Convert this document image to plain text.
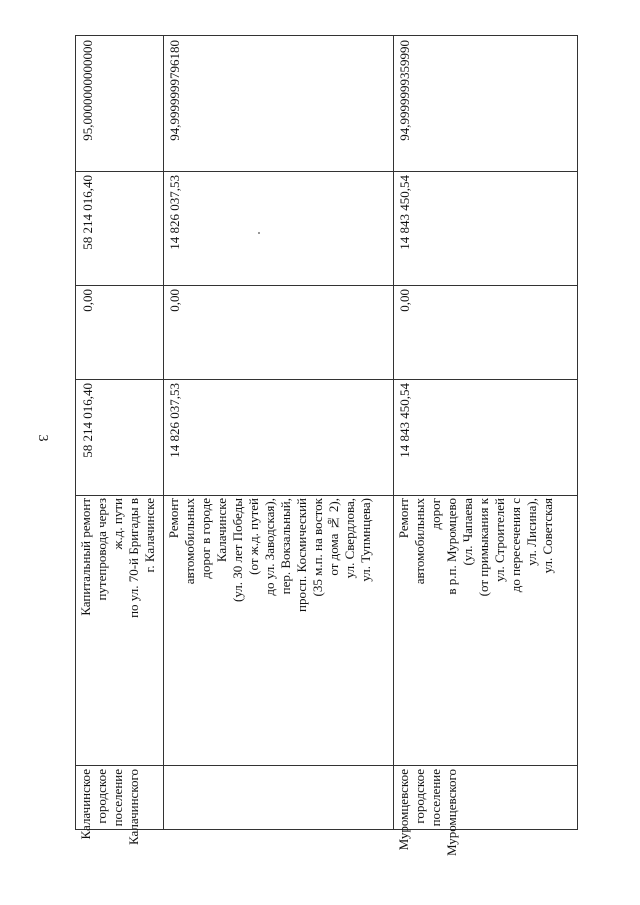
3
95,0000000000000
58 214 016,40
0,00
58 214 016,40
Капитальный ремонт путепровода через ж.д. пути по ул. 70-й Бригады в г. Калачинске
Калачинское городское поселение Калачинского
94,9999999796180
14 826 037,53
0,00
14 826 037,53
Ремонт автомобильных дорог в городе Калачинске (ул. 30 лет Победы (от ж.д. путей до ул. Заводская), пер. Вокзальный, просп. Космический (35 м.п. на восток от дома № 2), ул. Свердлова, ул. Тупмнцева)
94,9999999359990
14 843 450,54
0,00
14 843 450,54
Ремонт автомобильных дорог в р.п. Муромцево (ул. Чапаева (от примыкания к ул. Строителей до пересечения с ул. Лисина), ул. Советская
Муромцевское городское поселение Муромцевского
